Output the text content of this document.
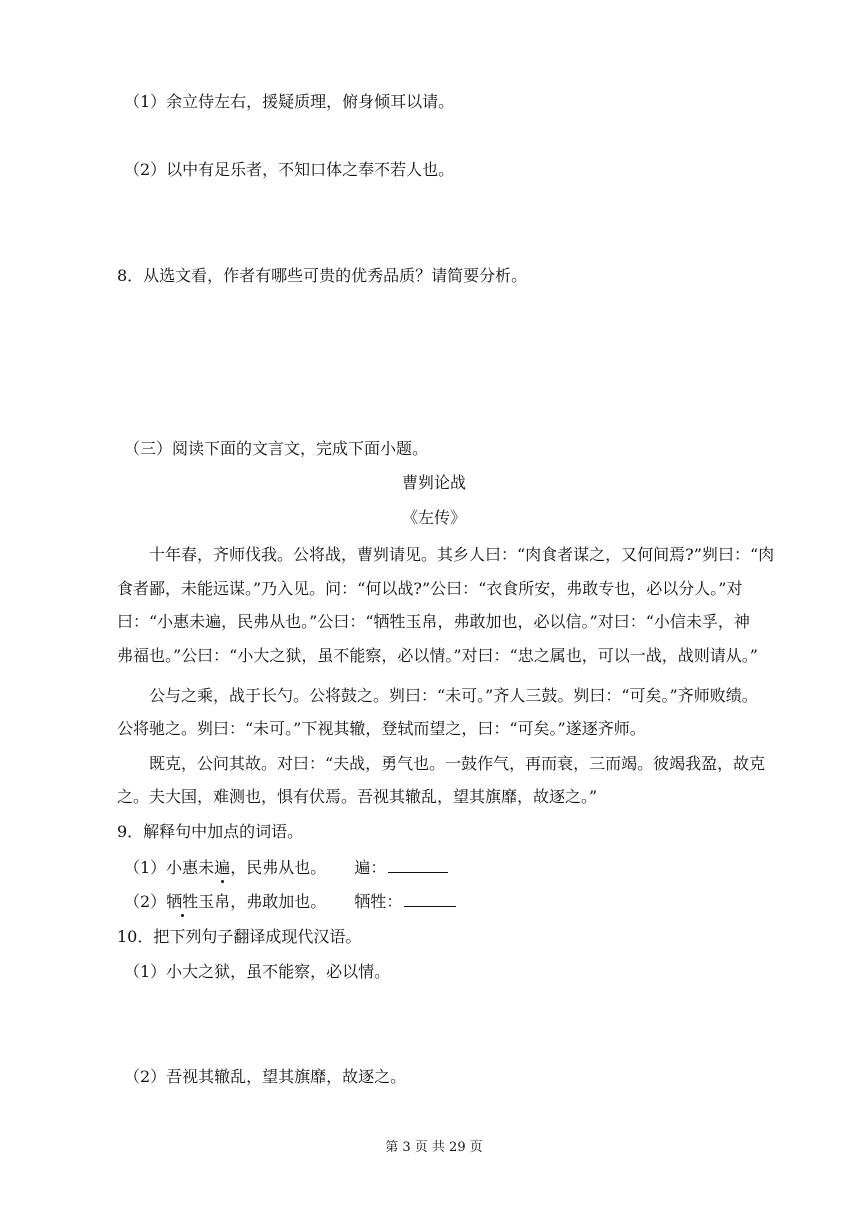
（1）余立侍左右，援疑质理，俯身倾耳以请。
（2）以中有足乐者，不知口体之奉不若人也。
8．从选文看，作者有哪些可贵的优秀品质？请简要分析。
（三）阅读下面的文言文，完成下面小题。
曹刿论战
《左传》

十年春，齐师伐我。公将战，曹刿请见。其乡人曰：“肉食者谋之，又何间焉?”刿曰：“肉
食者鄙，未能远谋。”乃入见。问：“何以战?”公曰：“衣食所安，弗敢专也，必以分人。”对
曰：“小惠未遍，民弗从也。”公曰：“牺牲玉帛，弗敢加也，必以信。”对曰：“小信未孚，神
弗福也。”公曰：“小大之狱，虽不能察，必以情。”对曰：“忠之属也，可以一战，战则请从。”

公与之乘，战于长勺。公将鼓之。刿曰：“未可。”齐人三鼓。刿曰：“可矣。”齐师败绩。
公将驰之。刿曰：“未可。”下视其辙，登轼而望之，曰：“可矣。”遂逐齐师。
既克，公问其故。对曰：“夫战，勇气也。一鼓作气，再而衰，三而竭。彼竭我盈，故克
之。夫大国，难测也，惧有伏焉。吾视其辙乱，望其旗靡，故逐之。”
9．解释句中加点的词语。
（1）小惠未遍，民弗从也。 遍：
（2）牺牲玉帛，弗敢加也。 牺牲：
10．把下列句子翻译成现代汉语。
（1）小大之狱，虽不能察，必以情。
（2）吾视其辙乱，望其旗靡，故逐之。
第 3 页 共 29 页
